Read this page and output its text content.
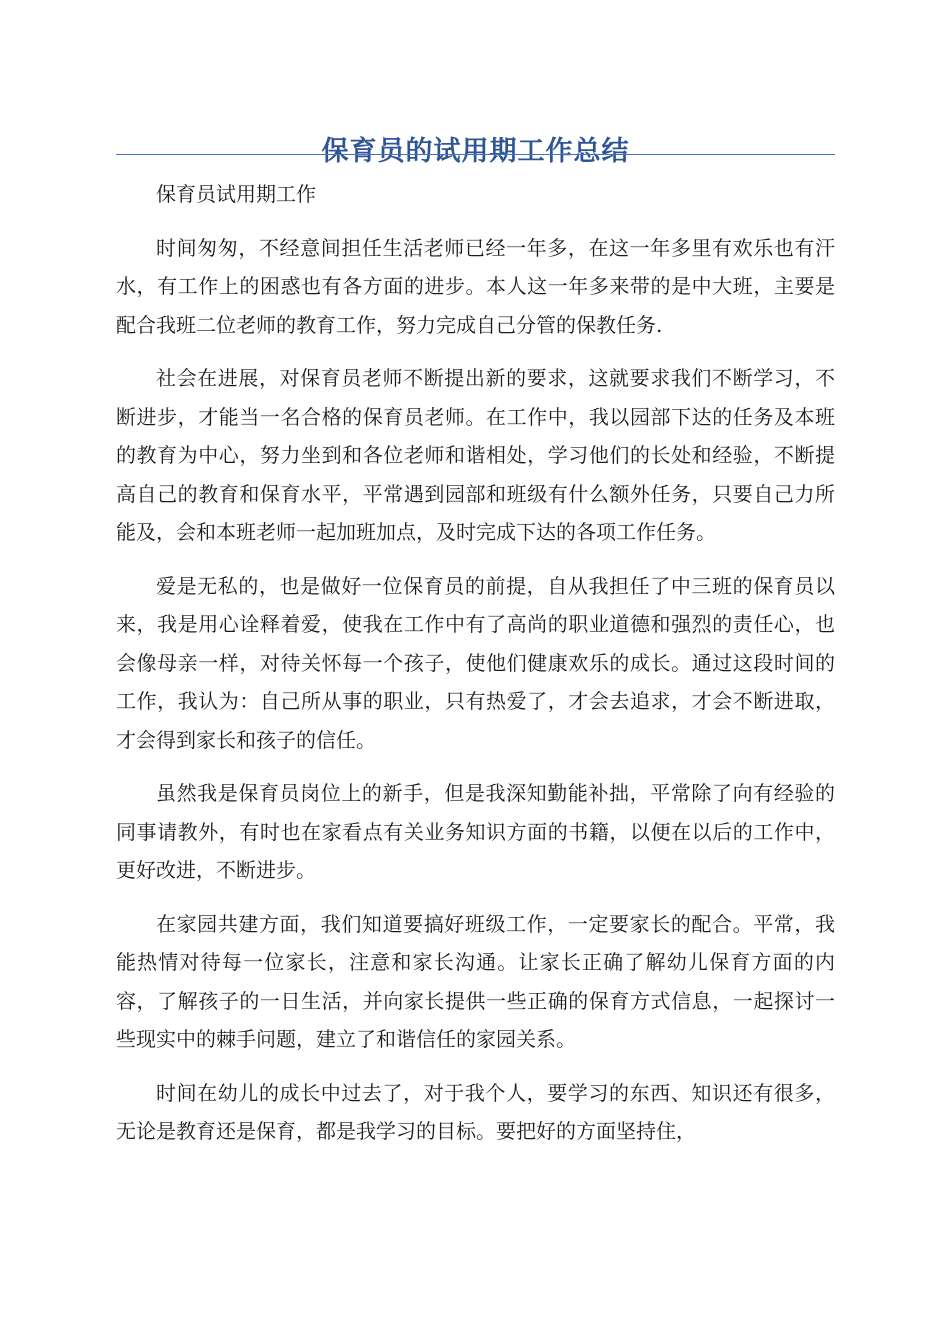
保育员的试用期工作总结

保育员试用期工作

时间匆匆，不经意间担任生活老师已经一年多，在这一年多里有欢乐也有汗水，有工作上的困惑也有各方面的进步。本人这一年多来带的是中大班，主要是配合我班二位老师的教育工作，努力完成自己分管的保教任务.

社会在进展，对保育员老师不断提出新的要求，这就要求我们不断学习，不断进步，才能当一名合格的保育员老师。在工作中，我以园部下达的任务及本班的教育为中心，努力坐到和各位老师和谐相处，学习他们的长处和经验，不断提高自己的教育和保育水平，平常遇到园部和班级有什么额外任务，只要自己力所能及，会和本班老师一起加班加点，及时完成下达的各项工作任务。

爱是无私的，也是做好一位保育员的前提，自从我担任了中三班的保育员以来，我是用心诠释着爱，使我在工作中有了高尚的职业道德和强烈的责任心，也会像母亲一样，对待关怀每一个孩子，使他们健康欢乐的成长。通过这段时间的工作，我认为：自己所从事的职业，只有热爱了，才会去追求，才会不断进取，才会得到家长和孩子的信任。

虽然我是保育员岗位上的新手，但是我深知勤能补拙，平常除了向有经验的同事请教外，有时也在家看点有关业务知识方面的书籍，以便在以后的工作中，更好改进，不断进步。

在家园共建方面，我们知道要搞好班级工作，一定要家长的配合。平常，我能热情对待每一位家长，注意和家长沟通。让家长正确了解幼儿保育方面的内容，了解孩子的一日生活，并向家长提供一些正确的保育方式信息，一起探讨一些现实中的棘手问题，建立了和谐信任的家园关系。

时间在幼儿的成长中过去了，对于我个人，要学习的东西、知识还有很多，无论是教育还是保育，都是我学习的目标。要把好的方面坚持住，
